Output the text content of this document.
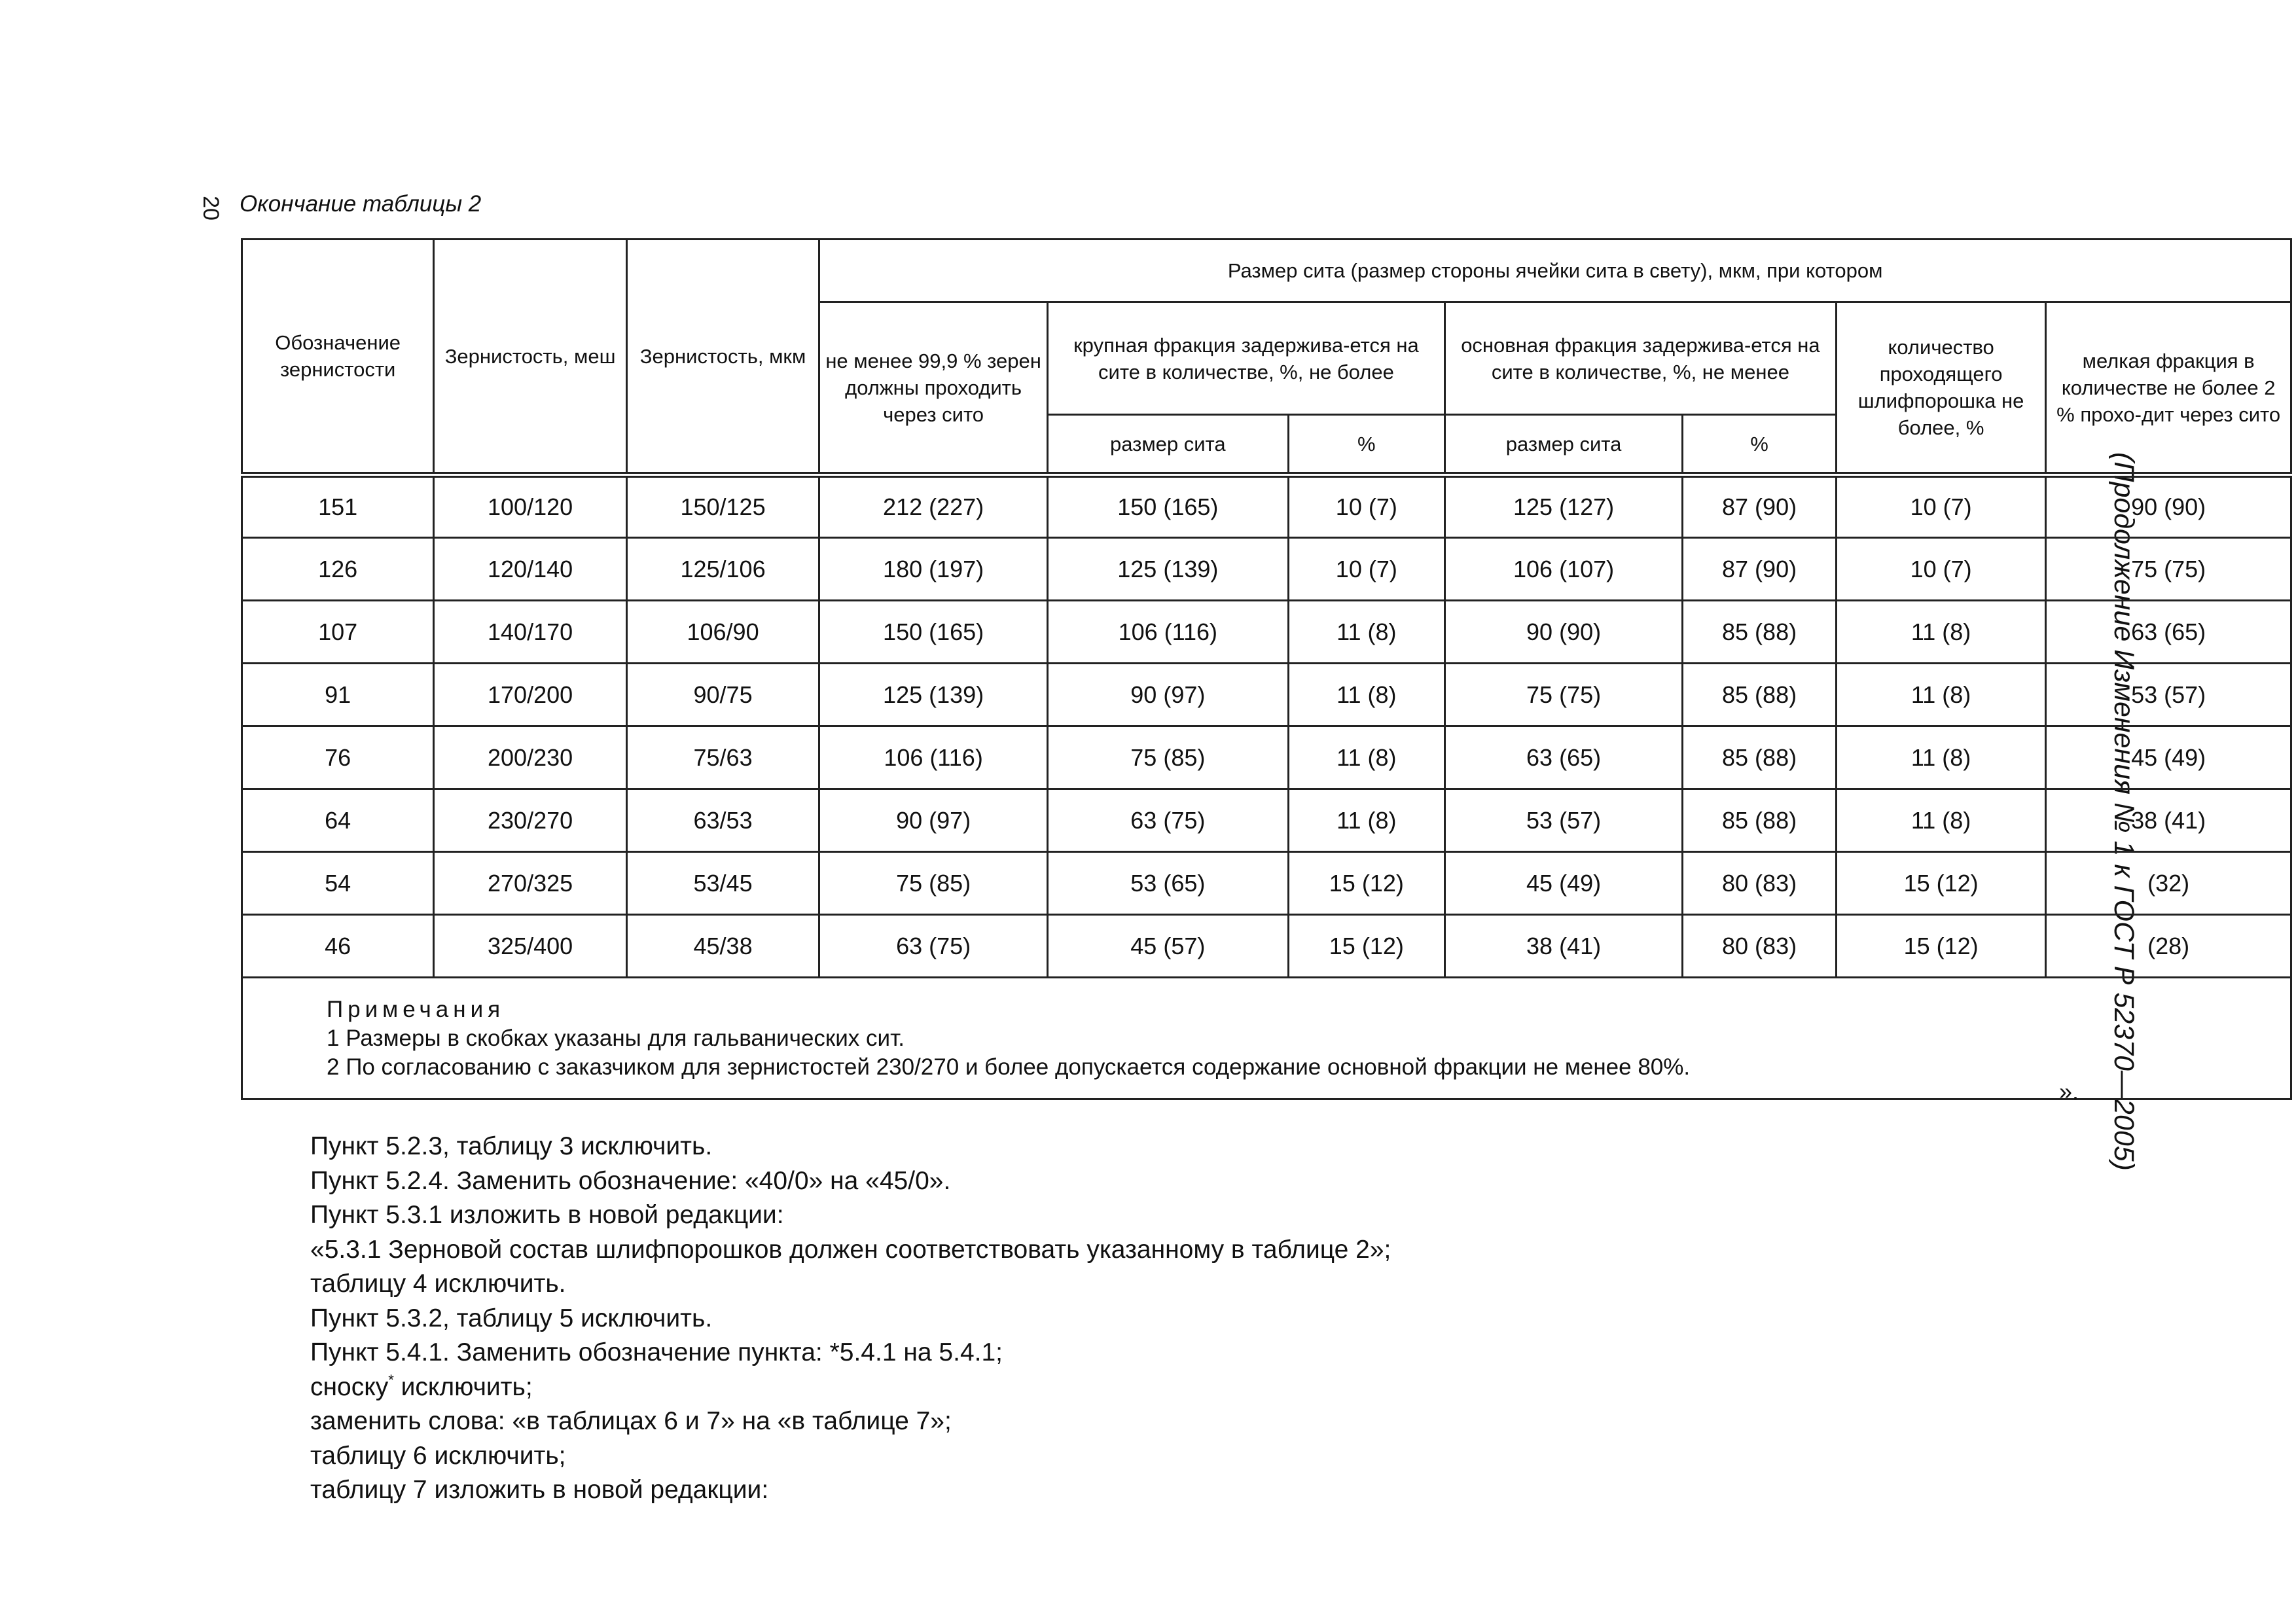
20 Окончание таблицы 2
(Продолжение Изменения № 1 к ГОСТ Р 52370—2005)
Обозначение зернистости	Зернистость, меш	Зернистость, мкм	Размер сита (размер стороны ячейки сита в свету), мкм, при котором						
			не менее 99,9 % зерен должны проходить через сито	крупная фракция задержива-ется на сите в количестве, %, не более		основная фракция задержива-ется на сите в количестве, %, не менее		количество проходящего шлифпорошка не более, %	мелкая фракция в количестве не более 2 % прохо-дит через сито
				размер сита	%	размер сита	%		
151	100/120	150/125	212 (227)	150 (165)	10 (7)	125 (127)	87 (90)	10 (7)	90 (90)
126	120/140	125/106	180 (197)	125 (139)	10 (7)	106 (107)	87 (90)	10 (7)	75 (75)
107	140/170	106/90	150 (165)	106 (116)	11 (8)	90 (90)	85 (88)	11 (8)	63 (65)
91	170/200	90/75	125 (139)	90 (97)	11 (8)	75 (75)	85 (88)	11 (8)	53 (57)
76	200/230	75/63	106 (116)	75 (85)	11 (8)	63 (65)	85 (88)	11 (8)	45 (49)
64	230/270	63/53	90 (97)	63 (75)	11 (8)	53 (57)	85 (88)	11 (8)	38 (41)
54	270/325	53/45	75 (85)	53 (65)	15 (12)	45 (49)	80 (83)	15 (12)	(32)
46	325/400	45/38	63 (75)	45 (57)	15 (12)	38 (41)	80 (83)	15 (12)	(28)

Примечания
1 Размеры в скобках указаны для гальванических сит.
2 По согласованию с заказчиком для зернистостей 230/270 и более допускается содержание основной фракции не менее 80%.									
».

Пункт 5.2.3, таблицу 3 исключить.

Пункт 5.2.4. Заменить обозначение: «40/0» на «45/0».

Пункт 5.3.1 изложить в новой редакции:

«5.3.1 Зерновой состав шлифпорошков должен соответствовать указанному в таблице 2»;

таблицу 4 исключить.

Пункт 5.3.2, таблицу 5 исключить.

Пункт 5.4.1. Заменить обозначение пункта: *5.4.1 на 5.4.1;

сноску* исключить;

заменить слова: «в таблицах 6 и 7» на «в таблице 7»;

таблицу 6 исключить;

таблицу 7 изложить в новой редакции:
